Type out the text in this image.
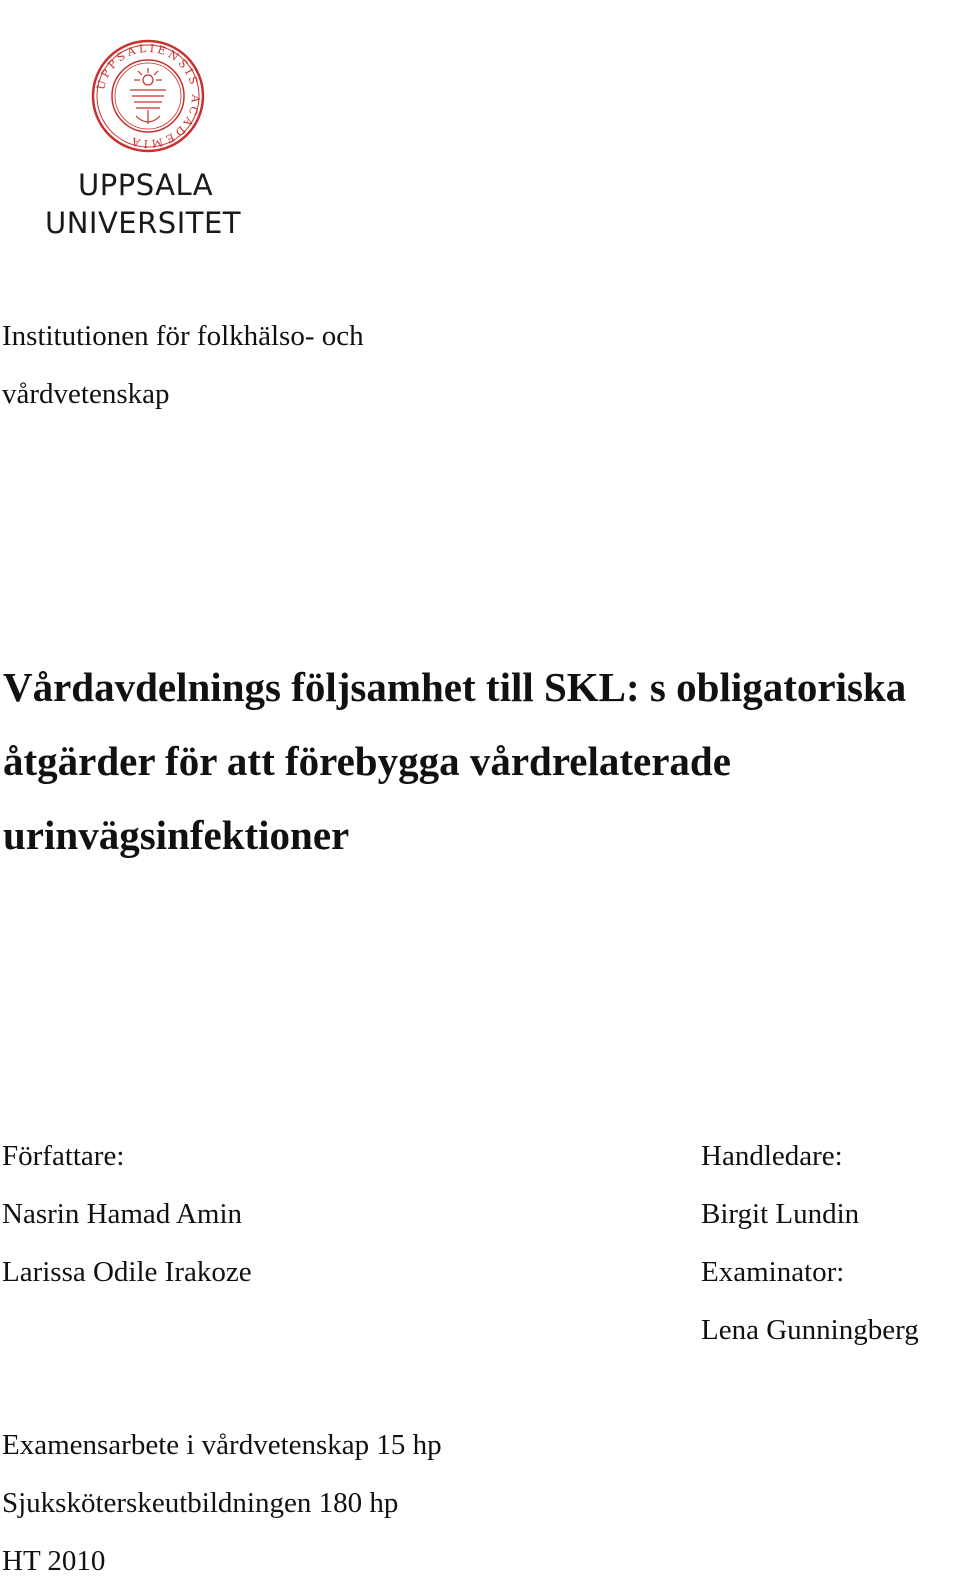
UPPSALIENSIS ACADEMIA
UPPSALA
UNIVERSITET
Institutionen för folkhälso- och
vårdvetenskap
Vårdavdelnings följsamhet till SKL: s obligatoriska
åtgärder för att förebygga vårdrelaterade
urinvägsinfektioner
Författare:
Nasrin Hamad Amin
Larissa Odile Irakoze
Handledare:
Birgit Lundin
Examinator:
Lena Gunningberg
Examensarbete i vårdvetenskap 15 hp
Sjuksköterskeutbildningen 180 hp
HT 2010
